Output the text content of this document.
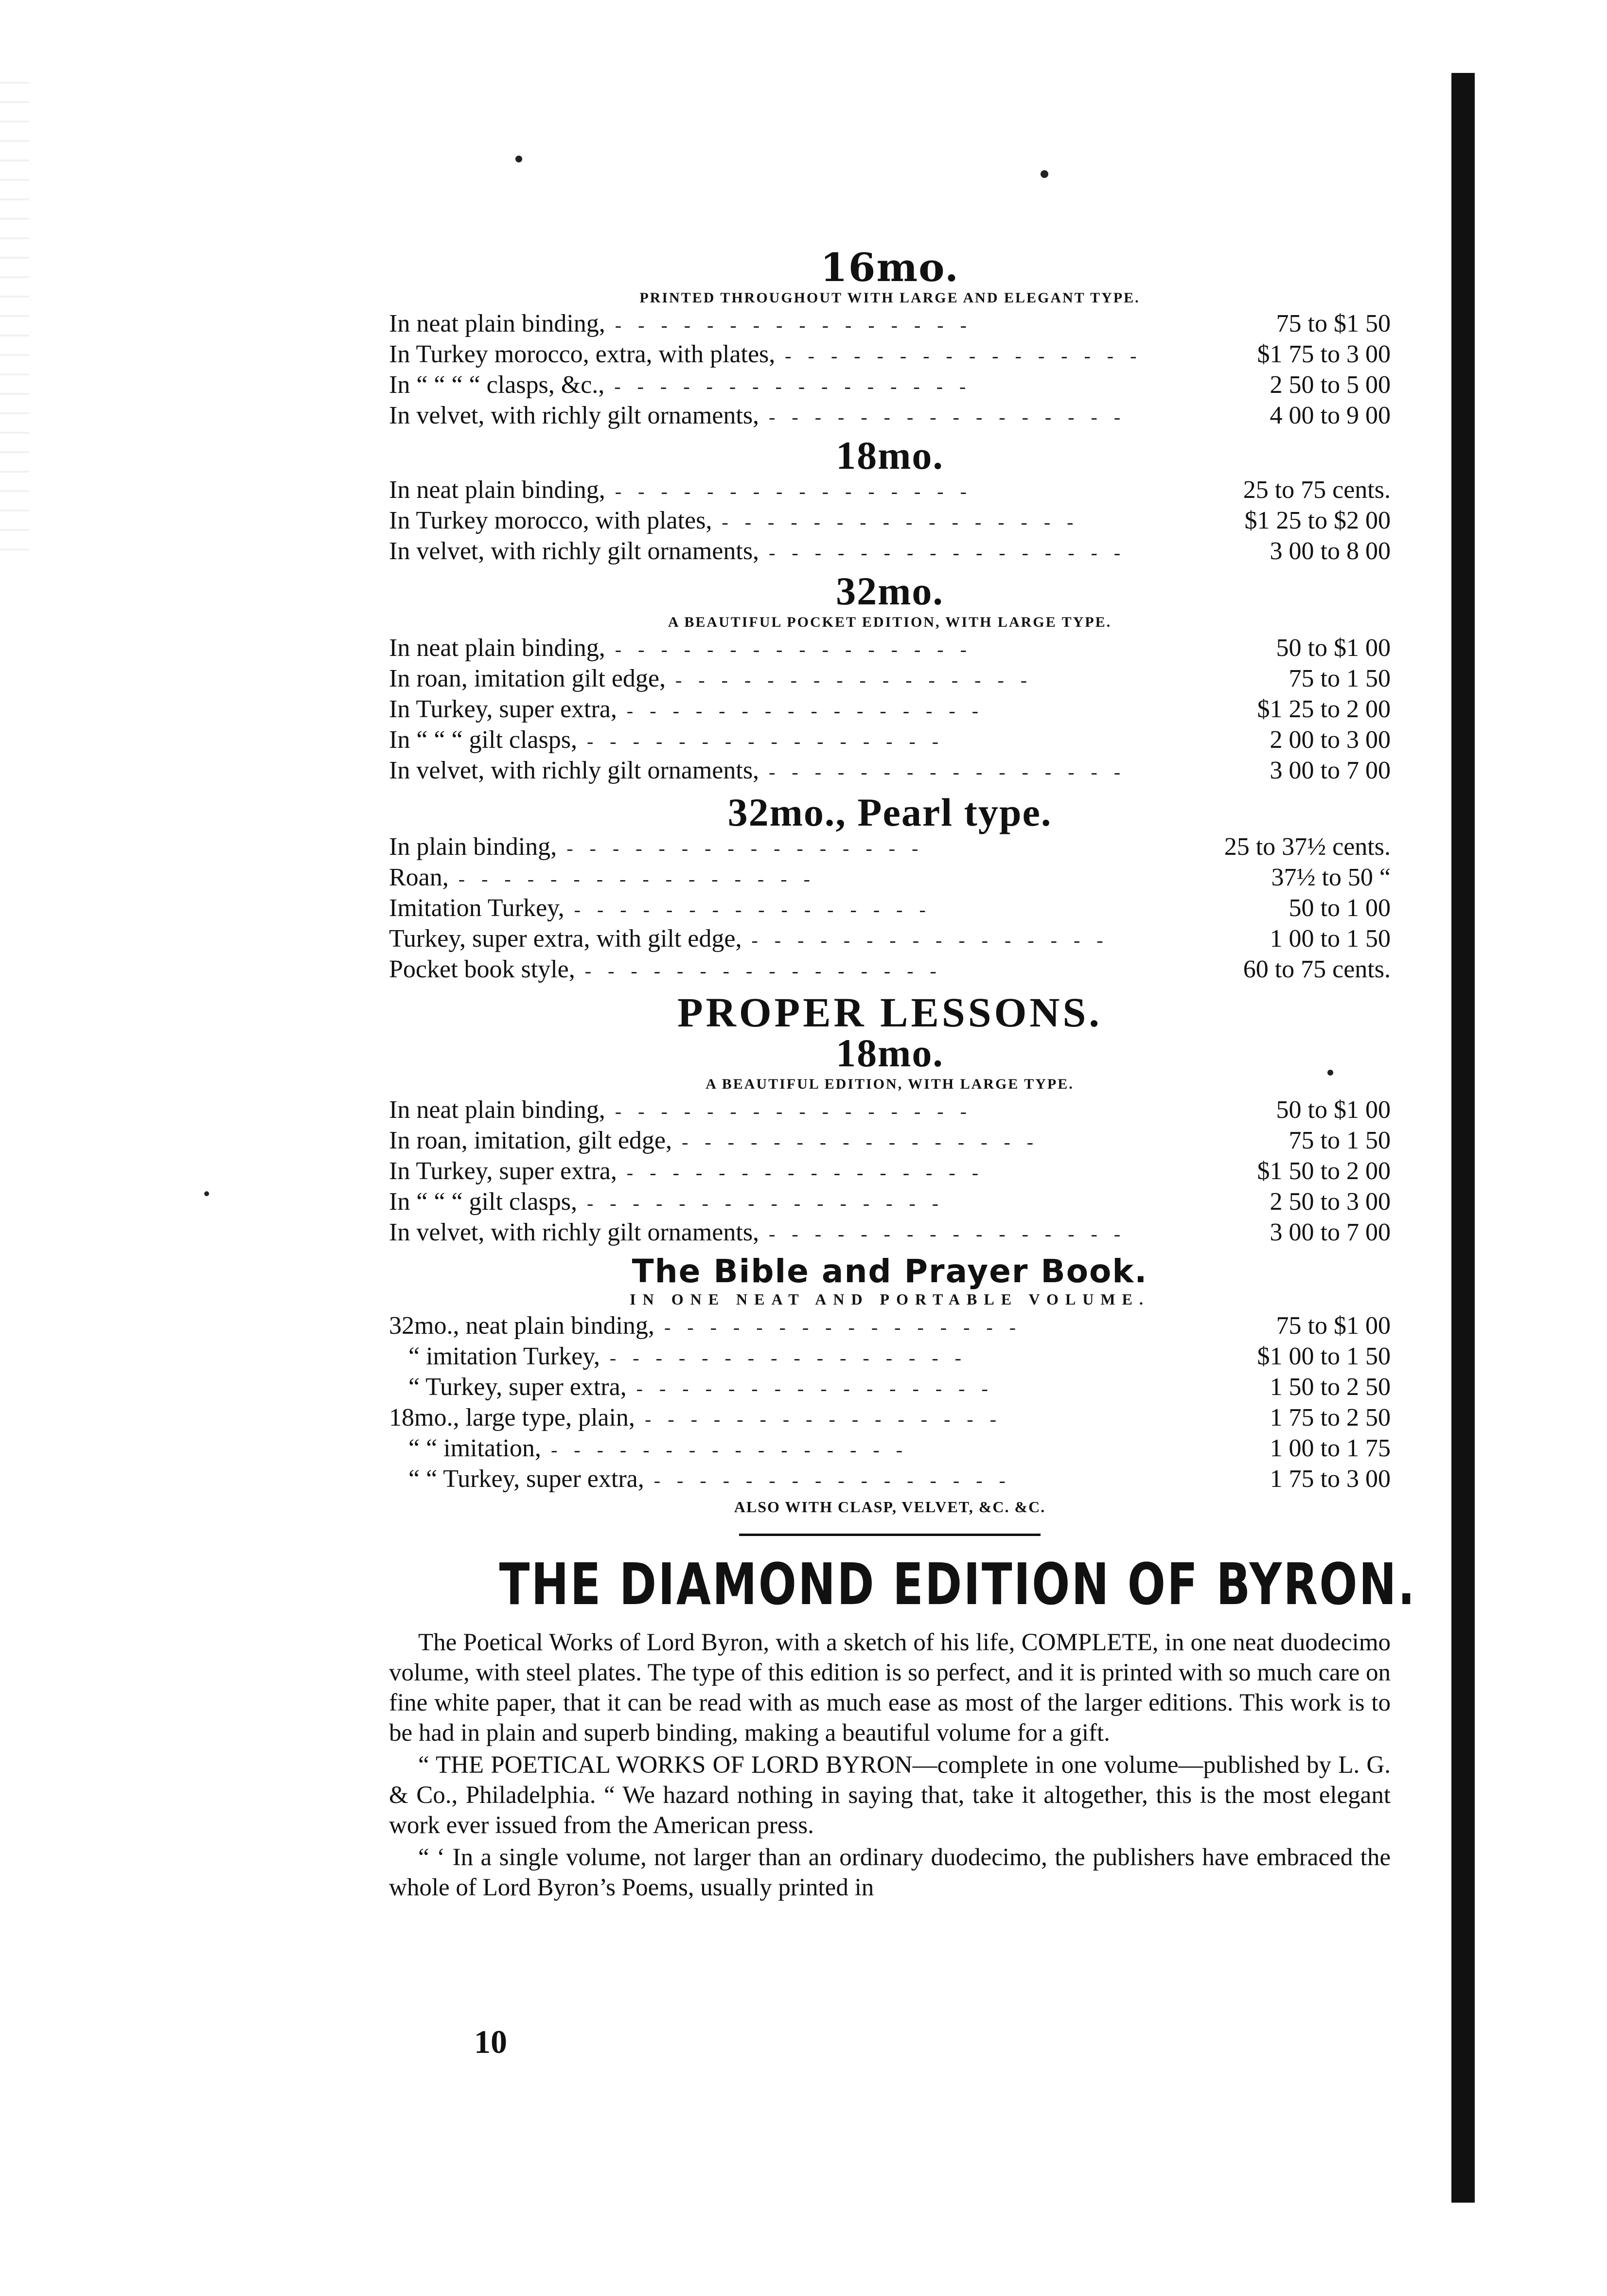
16mo.
PRINTED THROUGHOUT WITH LARGE AND ELEGANT TYPE.
In neat plain binding, ----------------	75 to $1 50
In Turkey morocco, extra, with plates, ----------------	$1 75 to 3 00
In “ “ “ “ clasps, &c., ----------------	2 50 to 5 00
In velvet, with richly gilt ornaments, ----------------	4 00 to 9 00
18mo.
In neat plain binding, ----------------	25 to 75 cents.
In Turkey morocco, with plates, ----------------	$1 25 to $2 00
In velvet, with richly gilt ornaments, ----------------	3 00 to 8 00
32mo.
A BEAUTIFUL POCKET EDITION, WITH LARGE TYPE.
In neat plain binding, ----------------	50 to $1 00
In roan, imitation gilt edge, ----------------	75 to 1 50
In Turkey, super extra, ----------------	$1 25 to 2 00
In “ “ “ gilt clasps, ----------------	2 00 to 3 00
In velvet, with richly gilt ornaments, ----------------	3 00 to 7 00
32mo., Pearl type.
In plain binding, ----------------	25 to 37½ cents.
Roan, ----------------	37½ to 50 “
Imitation Turkey, ----------------	50 to 1 00
Turkey, super extra, with gilt edge, ----------------	1 00 to 1 50
Pocket book style, ----------------	60 to 75 cents.
PROPER LESSONS.
18mo.
A BEAUTIFUL EDITION, WITH LARGE TYPE.
In neat plain binding, ----------------	50 to $1 00
In roan, imitation, gilt edge, ----------------	75 to 1 50
In Turkey, super extra, ----------------	$1 50 to 2 00
In “ “ “ gilt clasps, ----------------	2 50 to 3 00
In velvet, with richly gilt ornaments, ----------------	3 00 to 7 00
The Bible and Prayer Book.
IN ONE NEAT AND PORTABLE VOLUME.
32mo., neat plain binding, ----------------	75 to $1 00
“ imitation Turkey, ----------------	$1 00 to 1 50
“ Turkey, super extra, ----------------	1 50 to 2 50
18mo., large type, plain, ----------------	1 75 to 2 50
“ “ imitation, ----------------	1 00 to 1 75
“ “ Turkey, super extra, ----------------	1 75 to 3 00
ALSO WITH CLASP, VELVET, &C. &C.
THE DIAMOND EDITION OF BYRON.

The Poetical Works of Lord Byron, with a sketch of his life, COMPLETE, in one neat duodecimo volume, with steel plates. The type of this edition is so perfect, and it is printed with so much care on fine white paper, that it can be read with as much ease as most of the larger editions. This work is to be had in plain and superb binding, making a beautiful volume for a gift.

“ THE POETICAL WORKS OF LORD BYRON—complete in one volume—published by L. G. & Co., Philadelphia. “ We hazard nothing in saying that, take it altogether, this is the most elegant work ever issued from the American press.

“ ‘ In a single volume, not larger than an ordinary duodecimo, the publishers have embraced the whole of Lord Byron’s Poems, usually printed in

10
